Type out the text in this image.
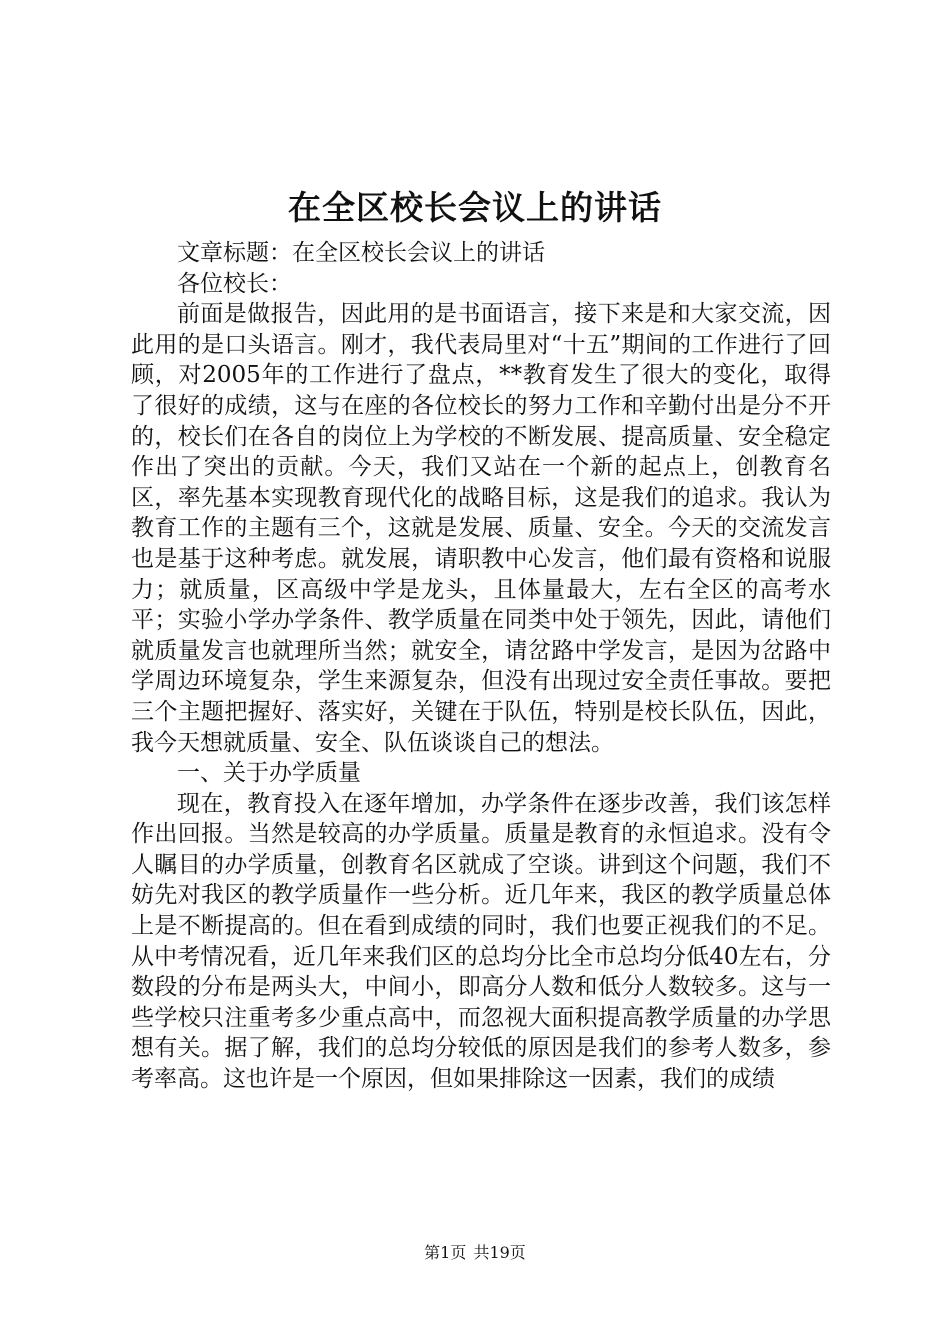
在全区校长会议上的讲话

文章标题：在全区校长会议上的讲话

各位校长：

前面是做报告，因此用的是书面语言，接下来是和大家交流，因此用的是口头语言。刚才，我代表局里对“十五”期间的工作进行了回顾，对2005年的工作进行了盘点，**教育发生了很大的变化，取得了很好的成绩，这与在座的各位校长的努力工作和辛勤付出是分不开的，校长们在各自的岗位上为学校的不断发展、提高质量、安全稳定作出了突出的贡献。今天，我们又站在一个新的起点上，创教育名区，率先基本实现教育现代化的战略目标，这是我们的追求。我认为教育工作的主题有三个，这就是发展、质量、安全。今天的交流发言也是基于这种考虑。就发展，请职教中心发言，他们最有资格和说服力；就质量，区高级中学是龙头，且体量最大，左右全区的高考水平；实验小学办学条件、教学质量在同类中处于领先，因此，请他们就质量发言也就理所当然；就安全，请岔路中学发言，是因为岔路中学周边环境复杂，学生来源复杂，但没有出现过安全责任事故。要把三个主题把握好、落实好，关键在于队伍，特别是校长队伍，因此，我今天想就质量、安全、队伍谈谈自己的想法。

一、关于办学质量

现在，教育投入在逐年增加，办学条件在逐步改善，我们该怎样作出回报。当然是较高的办学质量。质量是教育的永恒追求。没有令人瞩目的办学质量，创教育名区就成了空谈。讲到这个问题，我们不妨先对我区的教学质量作一些分析。近几年来，我区的教学质量总体上是不断提高的。但在看到成绩的同时，我们也要正视我们的不足。从中考情况看，近几年来我们区的总均分比全市总均分低40左右，分数段的分布是两头大，中间小，即高分人数和低分人数较多。这与一些学校只注重考多少重点高中，而忽视大面积提高教学质量的办学思想有关。据了解，我们的总均分较低的原因是我们的参考人数多，参考率高。这也许是一个原因，但如果排除这一因素，我们的成绩

第1页 共19页
